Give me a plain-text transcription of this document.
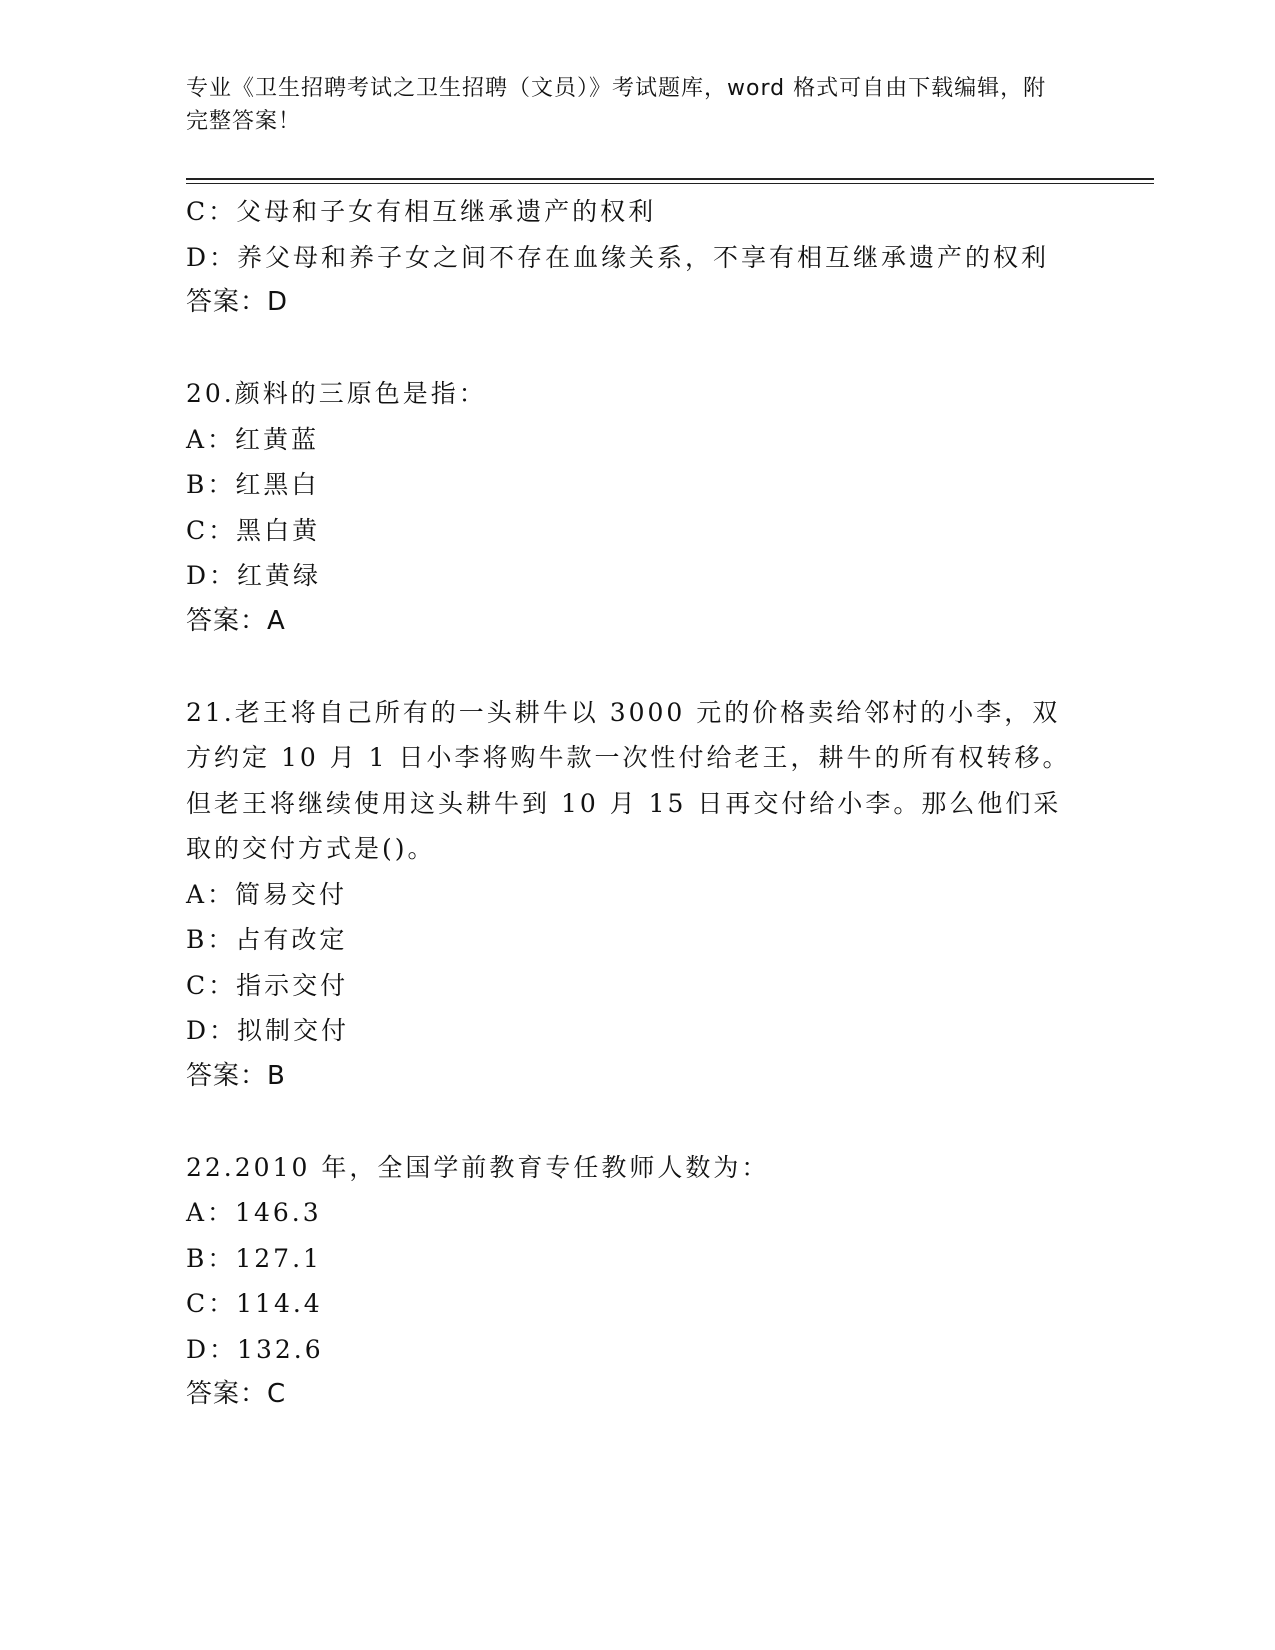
专业《卫生招聘考试之卫生招聘（文员）》考试题库，word 格式可自由下载编辑，附完整答案！
C：父母和子女有相互继承遗产的权利
D：养父母和养子女之间不存在血缘关系，不享有相互继承遗产的权利
答案：D
20.颜料的三原色是指：
A：红黄蓝
B：红黑白
C：黑白黄
D：红黄绿
答案：A
21.老王将自己所有的一头耕牛以 3000 元的价格卖给邻村的小李，双
方约定 10 月 1 日小李将购牛款一次性付给老王，耕牛的所有权转移。
但老王将继续使用这头耕牛到 10 月 15 日再交付给小李。那么他们采
取的交付方式是()。
A：简易交付
B：占有改定
C：指示交付
D：拟制交付
答案：B
22.2010 年，全国学前教育专任教师人数为：
A：146.3
B：127.1
C：114.4
D：132.6
答案：C
